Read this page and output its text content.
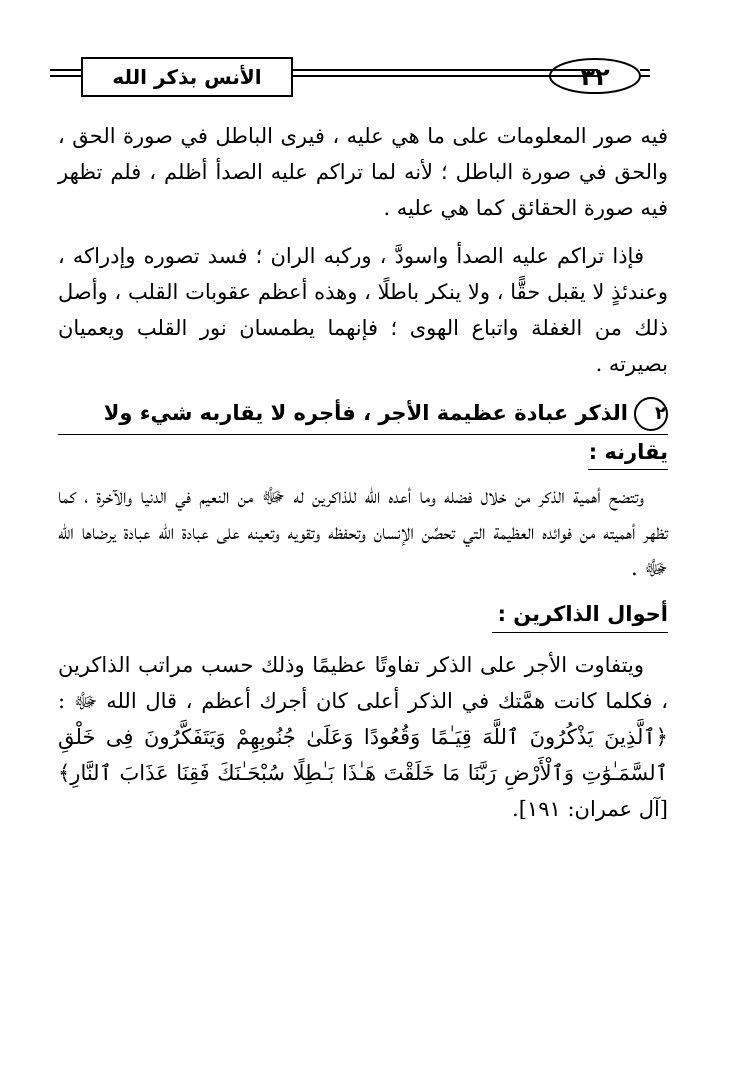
الأنس بذكر الله	٣٢

فيه صور المعلومات على ما هي عليه ، فيرى الباطل في صورة الحق ، والحق في صورة الباطل ؛ لأنه لما تراكم عليه الصدأ أظلم ، فلم تظهر فيه صورة الحقائق كما هي عليه .

فإذا تراكم عليه الصدأ واسودَّ ، وركبه الران ؛ فسد تصوره وإدراكه ، وعندئذٍ لا يقبل حقًّا ، ولا ينكر باطلًا ، وهذه أعظم عقوبات القلب ، وأصل ذلك من الغفلة واتباع الهوى ؛ فإنهما يطمسان نور القلب ويعميان بصيرته .

٢الذكر عبادة عظيمة الأجر ، فأجره لا يقاربه شيء ولا
يقارنه :

وتتضح أهمية الذكر من خلال فضله وما أعده الله للذاكرين له ﷻ من النعيم في الدنيا والآخرة ، كما تظهر أهميته من فوائده العظيمة التي تحصِّن الإنسان وتحفظه وتقويه وتعينه على عبادة الله عبادة يرضاها الله ﷻ .

أحوال الذاكرين :

ويتفاوت الأجر على الذكر تفاوتًا عظيمًا وذلك حسب مراتب الذاكرين ، فكلما كانت همَّتك في الذكر أعلى كان أجرك أعظم ، قال الله ﷻ : ﴿ٱلَّذِينَ يَذْكُرُونَ ٱللَّهَ قِيَـٰمًا وَقُعُودًا وَعَلَىٰ جُنُوبِهِمْ وَيَتَفَكَّرُونَ فِى خَلْقِ ٱلسَّمَـٰوَٰتِ وَٱلْأَرْضِ رَبَّنَا مَا خَلَقْتَ هَـٰذَا بَـٰطِلًا سُبْحَـٰنَكَ فَقِنَا عَذَابَ ٱلنَّارِ﴾ [آل عمران: ١٩١].
